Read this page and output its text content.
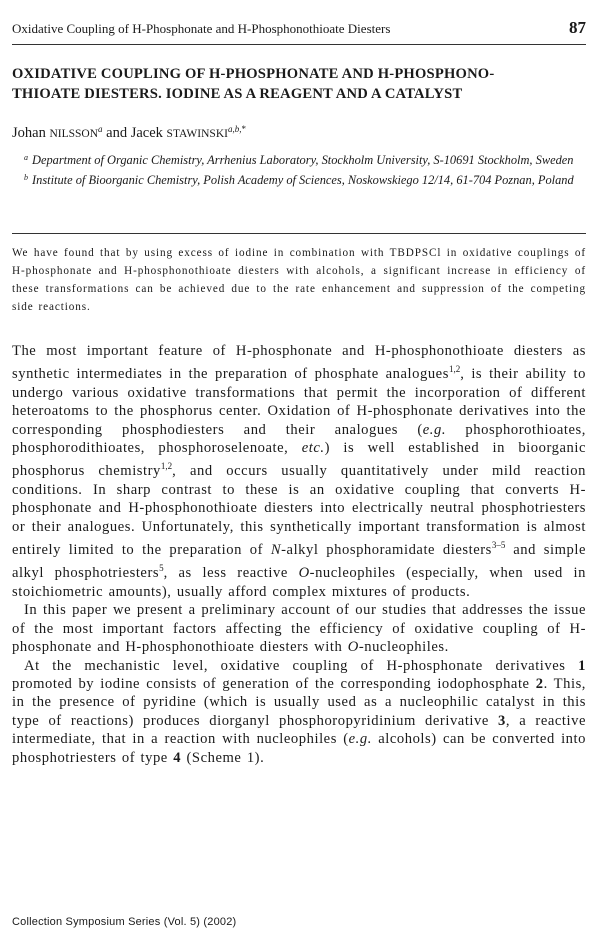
Oxidative Coupling of H-Phosphonate and H-Phosphonothioate Diesters	87
OXIDATIVE COUPLING OF H-PHOSPHONATE AND H-PHOSPHONO-
THIOATE DIESTERS. IODINE AS A REAGENT AND A CATALYST
Johan NILSSON$^a$ and Jacek $STAWINSKI^{a,b,*}$
$^a$ Department of Organic Chemistry, Arrhenius Laboratory, Stockholm University, S-10691 Stockholm, Sweden
$^b$ Institute of Bioorganic Chemistry, Polish Academy of Sciences, Noskowskiego 12/14, 61-704 Poznan, Poland
We have found that by using excess of iodine in combination with TBDPSCl in oxidative couplings of H-phosphonate and H-phosphonothioate diesters with alcohols, a significant increase in efficiency of these transformations can be achieved due to the rate enhancement and suppression of the competing side reactions.

The most important feature of H-phosphonate and H-phosphonothioate diesters as synthetic intermediates in the preparation of phosphate analogues$^{1,2}$, is their ability to undergo various oxidative transformations that permit the incorporation of different heteroatoms to the phosphorus center. Oxidation of H-phosphonate derivatives into the corresponding phosphodiesters and their analogues (e.g. phosphorothioates, phosphorodithioates, phosphoroselenoate, etc.) is well established in bioorganic phosphorus chemistry$^{1,2}$, and occurs usually quantitatively under mild reaction conditions. In sharp contrast to these is an oxidative coupling that converts H-phosphonate and H-phosphonothioate diesters into electrically neutral phosphotriesters or their analogues. Unfortunately, this synthetically important transformation is almost entirely limited to the preparation of N-alkyl phosphoramidate diesters$^{3-5}$ and simple alkyl phosphotriesters$^5$, as less reactive O-nucleophiles (especially, when used in stoichiometric amounts), usually afford complex mixtures of products.

In this paper we present a preliminary account of our studies that addresses the issue of the most important factors affecting the efficiency of oxidative coupling of H-phosphonate and H-phosphonothioate diesters with O-nucleophiles.

At the mechanistic level, oxidative coupling of H-phosphonate derivatives 1 promoted by iodine consists of generation of the corresponding iodophosphate 2. This, in the presence of pyridine (which is usually used as a nucleophilic catalyst in this type of reactions) produces diorganyl phosphoropyridinium derivative 3, a reactive intermediate, that in a reaction with nucleophiles (e.g. alcohols) can be converted into phosphotriesters of type 4 (Scheme 1).

Collection Symposium Series (Vol. 5) (2002)
